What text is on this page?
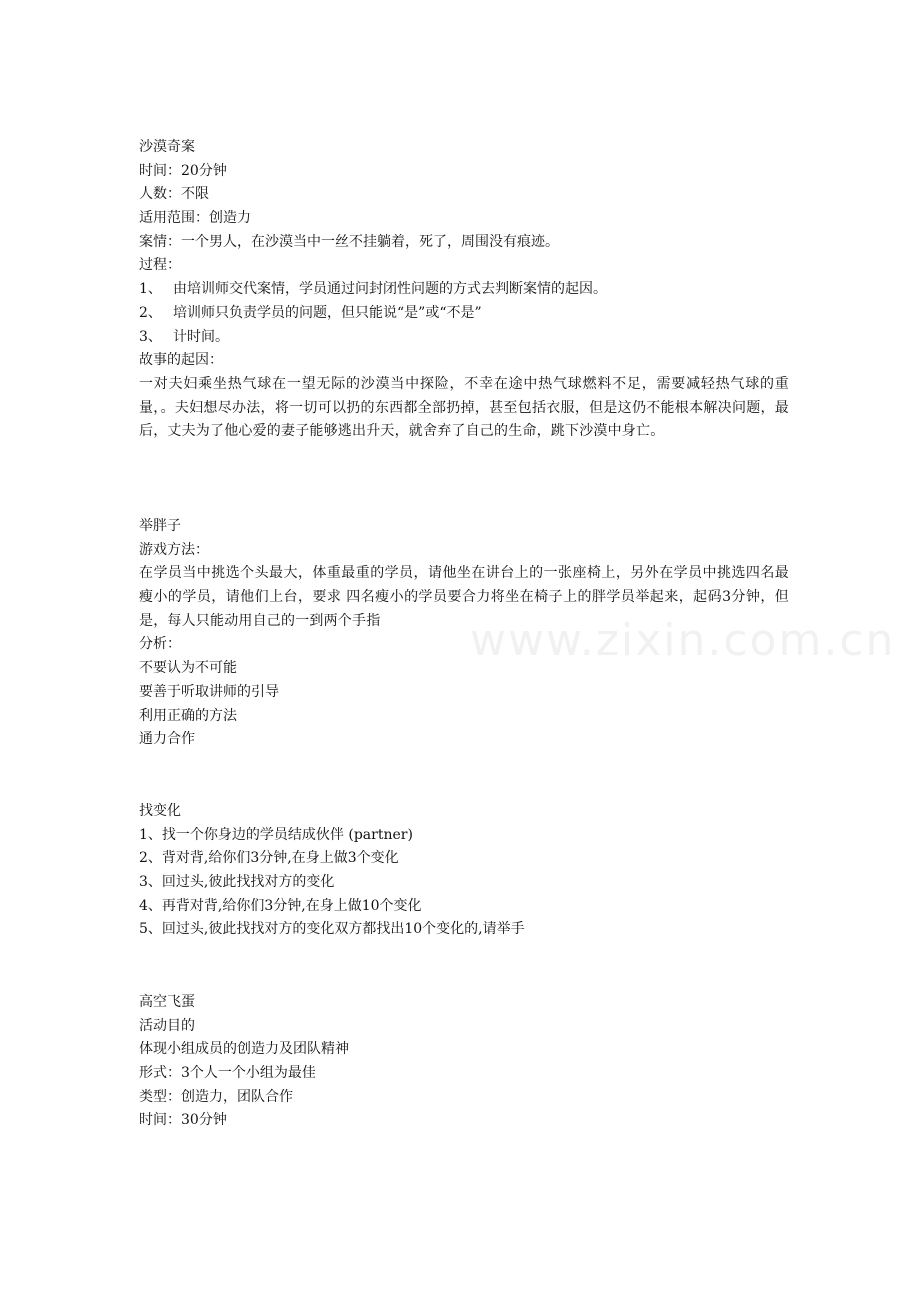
www.zixin.com.cn
沙漠奇案
时间：20分钟
人数：不限
适用范围：创造力
案情：一个男人，在沙漠当中一丝不挂躺着，死了，周围没有痕迹。
过程：
1、 由培训师交代案情，学员通过问封闭性问题的方式去判断案情的起因。
2、 培训师只负责学员的问题，但只能说“是”或“不是”
3、 计时间。
故事的起因：
一对夫妇乘坐热气球在一望无际的沙漠当中探险，不幸在途中热气球燃料不足，需要减轻热气球的重量，。夫妇想尽办法，将一切可以扔的东西都全部扔掉，甚至包括衣服，但是这仍不能根本解决问题，最后，丈夫为了他心爱的妻子能够逃出升天，就舍弃了自己的生命，跳下沙漠中身亡。
举胖子
游戏方法：
在学员当中挑选个头最大，体重最重的学员，请他坐在讲台上的一张座椅上，另外在学员中挑选四名最瘦小的学员，请他们上台，要求 四名瘦小的学员要合力将坐在椅子上的胖学员举起来，起码3分钟，但是，每人只能动用自己的一到两个手指
分析：
不要认为不可能
要善于听取讲师的引导
利用正确的方法
通力合作
找变化
1、找一个你身边的学员结成伙伴 (partner)
2、背对背,给你们3分钟,在身上做3个变化
3、回过头,彼此找找对方的变化
4、再背对背,给你们3分钟,在身上做10个变化
5、回过头,彼此找找对方的变化双方都找出10个变化的,请举手
高空飞蛋
活动目的
体现小组成员的创造力及团队精神
形式：3个人一个小组为最佳
类型：创造力，团队合作
时间：30分钟
